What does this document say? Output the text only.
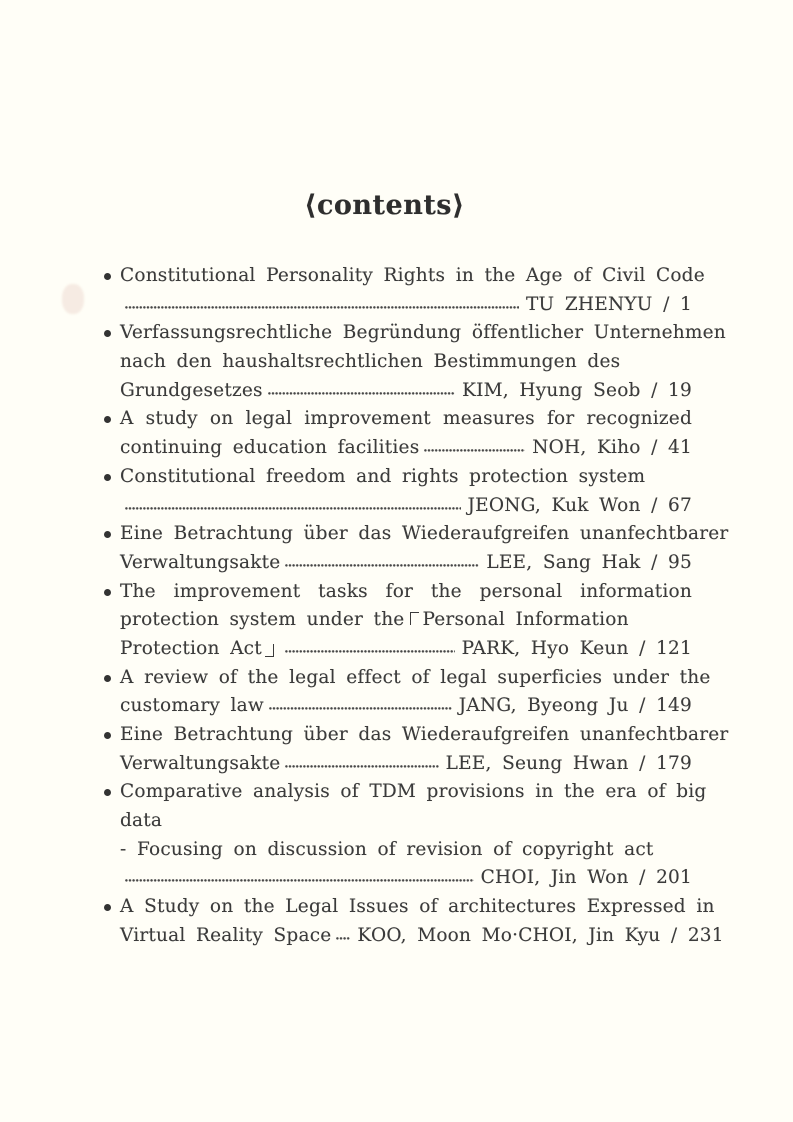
⟨contents⟩
Constitutional Personality Rights in the Age of Civil Code
TU ZHENYU / 1
Verfassungsrechtliche Begründung öffentlicher Unternehmen
nach den haushaltsrechtlichen Bestimmungen des
Grundgesetzes	KIM, Hyung Seob / 19
A study on legal improvement measures for recognized
continuing education facilities	NOH, Kiho / 41
Constitutional freedom and rights protection system
JEONG, Kuk Won / 67
Eine Betrachtung über das Wiederaufgreifen unanfechtbarer
Verwaltungsakte	LEE, Sang Hak / 95
The improvement tasks for the personal information
protection system under the Personal Information
Protection Act	PARK, Hyo Keun / 121
A review of the legal effect of legal superficies under the
customary law	JANG, Byeong Ju / 149
Eine Betrachtung über das Wiederaufgreifen unanfechtbarer
Verwaltungsakte	LEE, Seung Hwan / 179
Comparative analysis of TDM provisions in the era of big
data
- Focusing on discussion of revision of copyright act
CHOI, Jin Won / 201
A Study on the Legal Issues of architectures Expressed in
Virtual Reality Space KOO, Moon Mo·CHOI, Jin Kyu / 231
